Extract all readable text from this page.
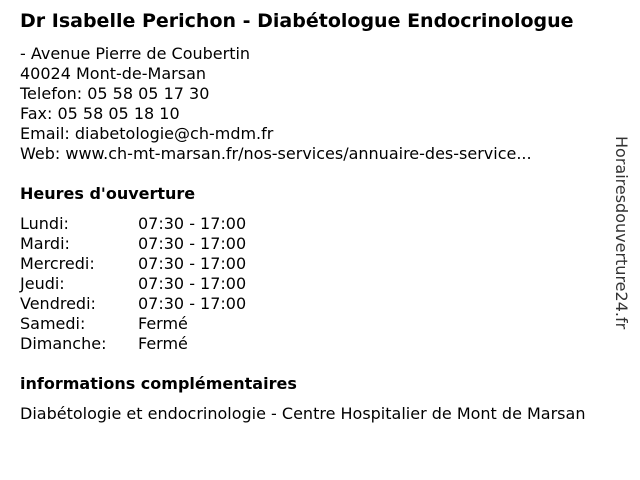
Dr Isabelle Perichon - Diabétologue Endocrinologue
- Avenue Pierre de Coubertin
40024 Mont-de-Marsan
Telefon: 05 58 05 17 30
Fax: 05 58 05 18 10
Email: diabetologie@ch-mdm.fr
Web: www.ch-mt-marsan.fr/nos-services/annuaire-des-service...
Heures d'ouverture
Lundi:	07:30 - 17:00
Mardi:	07:30 - 17:00
Mercredi:	07:30 - 17:00
Jeudi:	07:30 - 17:00
Vendredi:	07:30 - 17:00
Samedi:	Fermé
Dimanche:	Fermé
informations complémentaires
Diabétologie et endocrinologie - Centre Hospitalier de Mont de Marsan
Horairesdouverture24.fr
